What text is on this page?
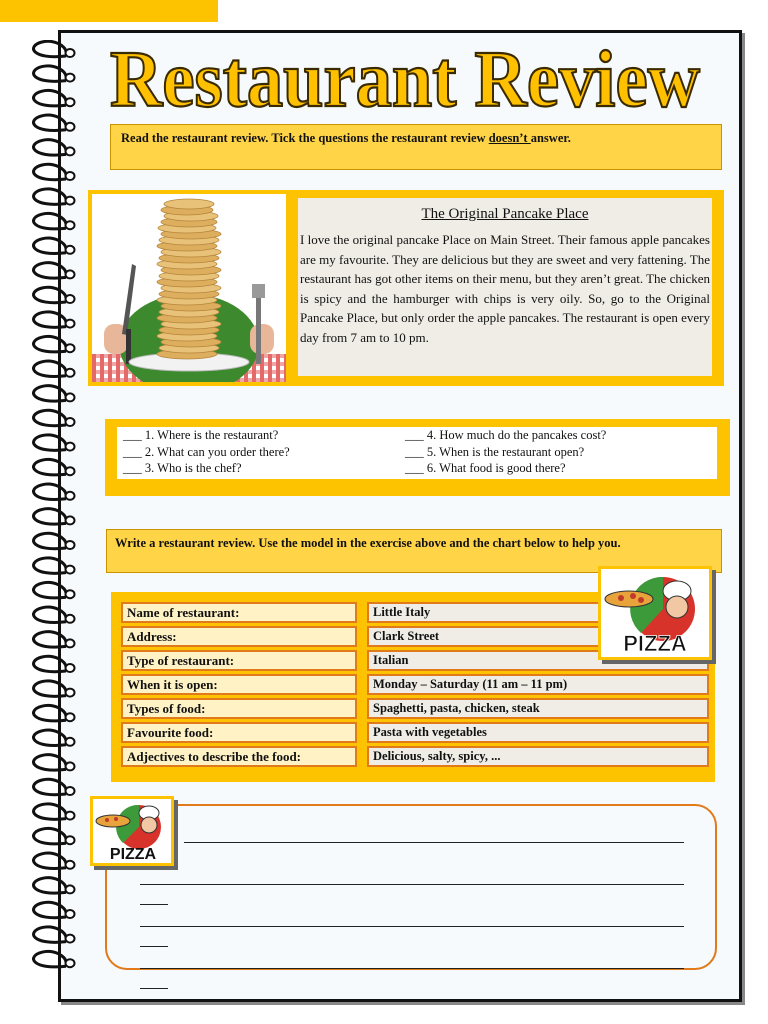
Restaurant Review
Read the restaurant review. Tick the questions the restaurant review doesn’t answer.
The Original Pancake Place

I love the original pancake Place on Main Street. Their famous apple pancakes are my favourite. They are delicious but they are sweet and very fattening. The restaurant has got other items on their menu, but they aren’t great. The chicken is spicy and the hamburger with chips is very oily. So, go to the Original Pancake Place, but only order the apple pancakes. The restaurant is open every day from 7 am to 10 pm.

___ 1. Where is the restaurant?
___ 2. What can you order there?
___ 3. Who is the chef?
___ 4. How much do the pancakes cost?
___ 5. When is the restaurant open?
___ 6. What food is good there?
Write a restaurant review. Use the model in the exercise above and the chart below to help you.
Name of restaurant:	Little Italy
Address:	Clark Street
Type of restaurant:	Italian
When it is open:	Monday – Saturday (11 am – 11 pm)
Types of food:	Spaghetti, pasta, chicken, steak
Favourite food:	Pasta with vegetables
Adjectives to describe the food:	Delicious, salty, spicy, ...
PIZZA
PIZZA
